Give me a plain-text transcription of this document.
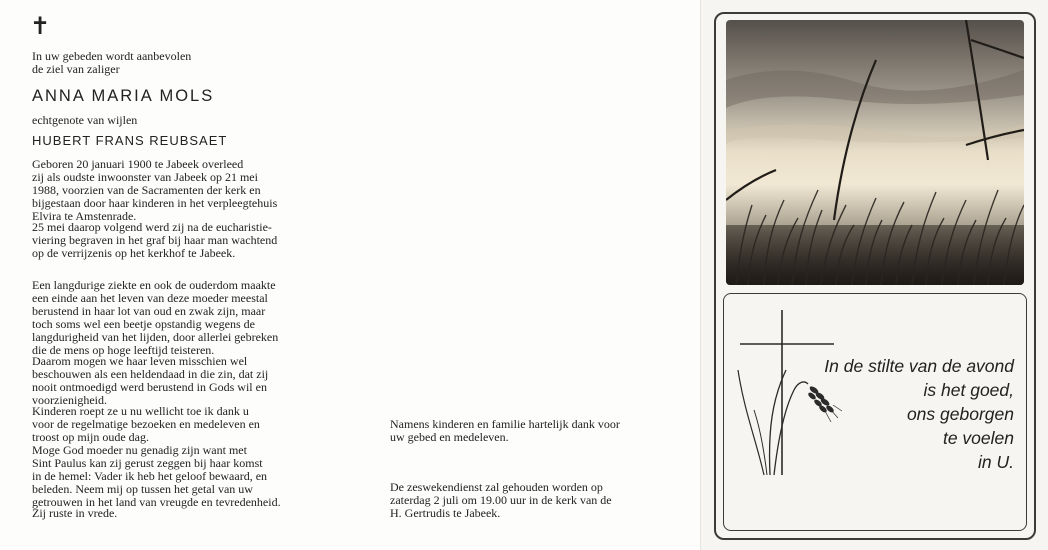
✝
In uw gebeden wordt aanbevolen
de ziel van zaliger
ANNA MARIA MOLS
echtgenote van wijlen
HUBERT FRANS REUBSAET
Geboren 20 januari 1900 te Jabeek overleed
zij als oudste inwoonster van Jabeek op 21 mei
1988, voorzien van de Sacramenten der kerk en
bijgestaan door haar kinderen in het verpleegtehuis
Elvira te Amstenrade.
25 mei daarop volgend werd zij na de eucharistie-
viering begraven in het graf bij haar man wachtend
op de verrijzenis op het kerkhof te Jabeek.
Een langdurige ziekte en ook de ouderdom maakte
een einde aan het leven van deze moeder meestal
berustend in haar lot van oud en zwak zijn, maar
toch soms wel een beetje opstandig wegens de
langdurigheid van het lijden, door allerlei gebreken
die de mens op hoge leeftijd teisteren.
Daarom mogen we haar leven misschien wel
beschouwen als een heldendaad in die zin, dat zij
nooit ontmoedigd werd berustend in Gods wil en
voorzienigheid.
Kinderen roept ze u nu wellicht toe ik dank u
voor de regelmatige bezoeken en medeleven en
troost op mijn oude dag.
Moge God moeder nu genadig zijn want met
Sint Paulus kan zij gerust zeggen bij haar komst
in de hemel: Vader ik heb het geloof bewaard, en
beleden. Neem mij op tussen het getal van uw
getrouwen in het land van vreugde en tevredenheid.
Zij ruste in vrede.
Namens kinderen en familie hartelijk dank voor
uw gebed en medeleven.
De zeswekendienst zal gehouden worden op
zaterdag 2 juli om 19.00 uur in de kerk van de
H. Gertrudis te Jabeek.
In de stilte van de avond
is het goed,
ons geborgen
te voelen
in U.
